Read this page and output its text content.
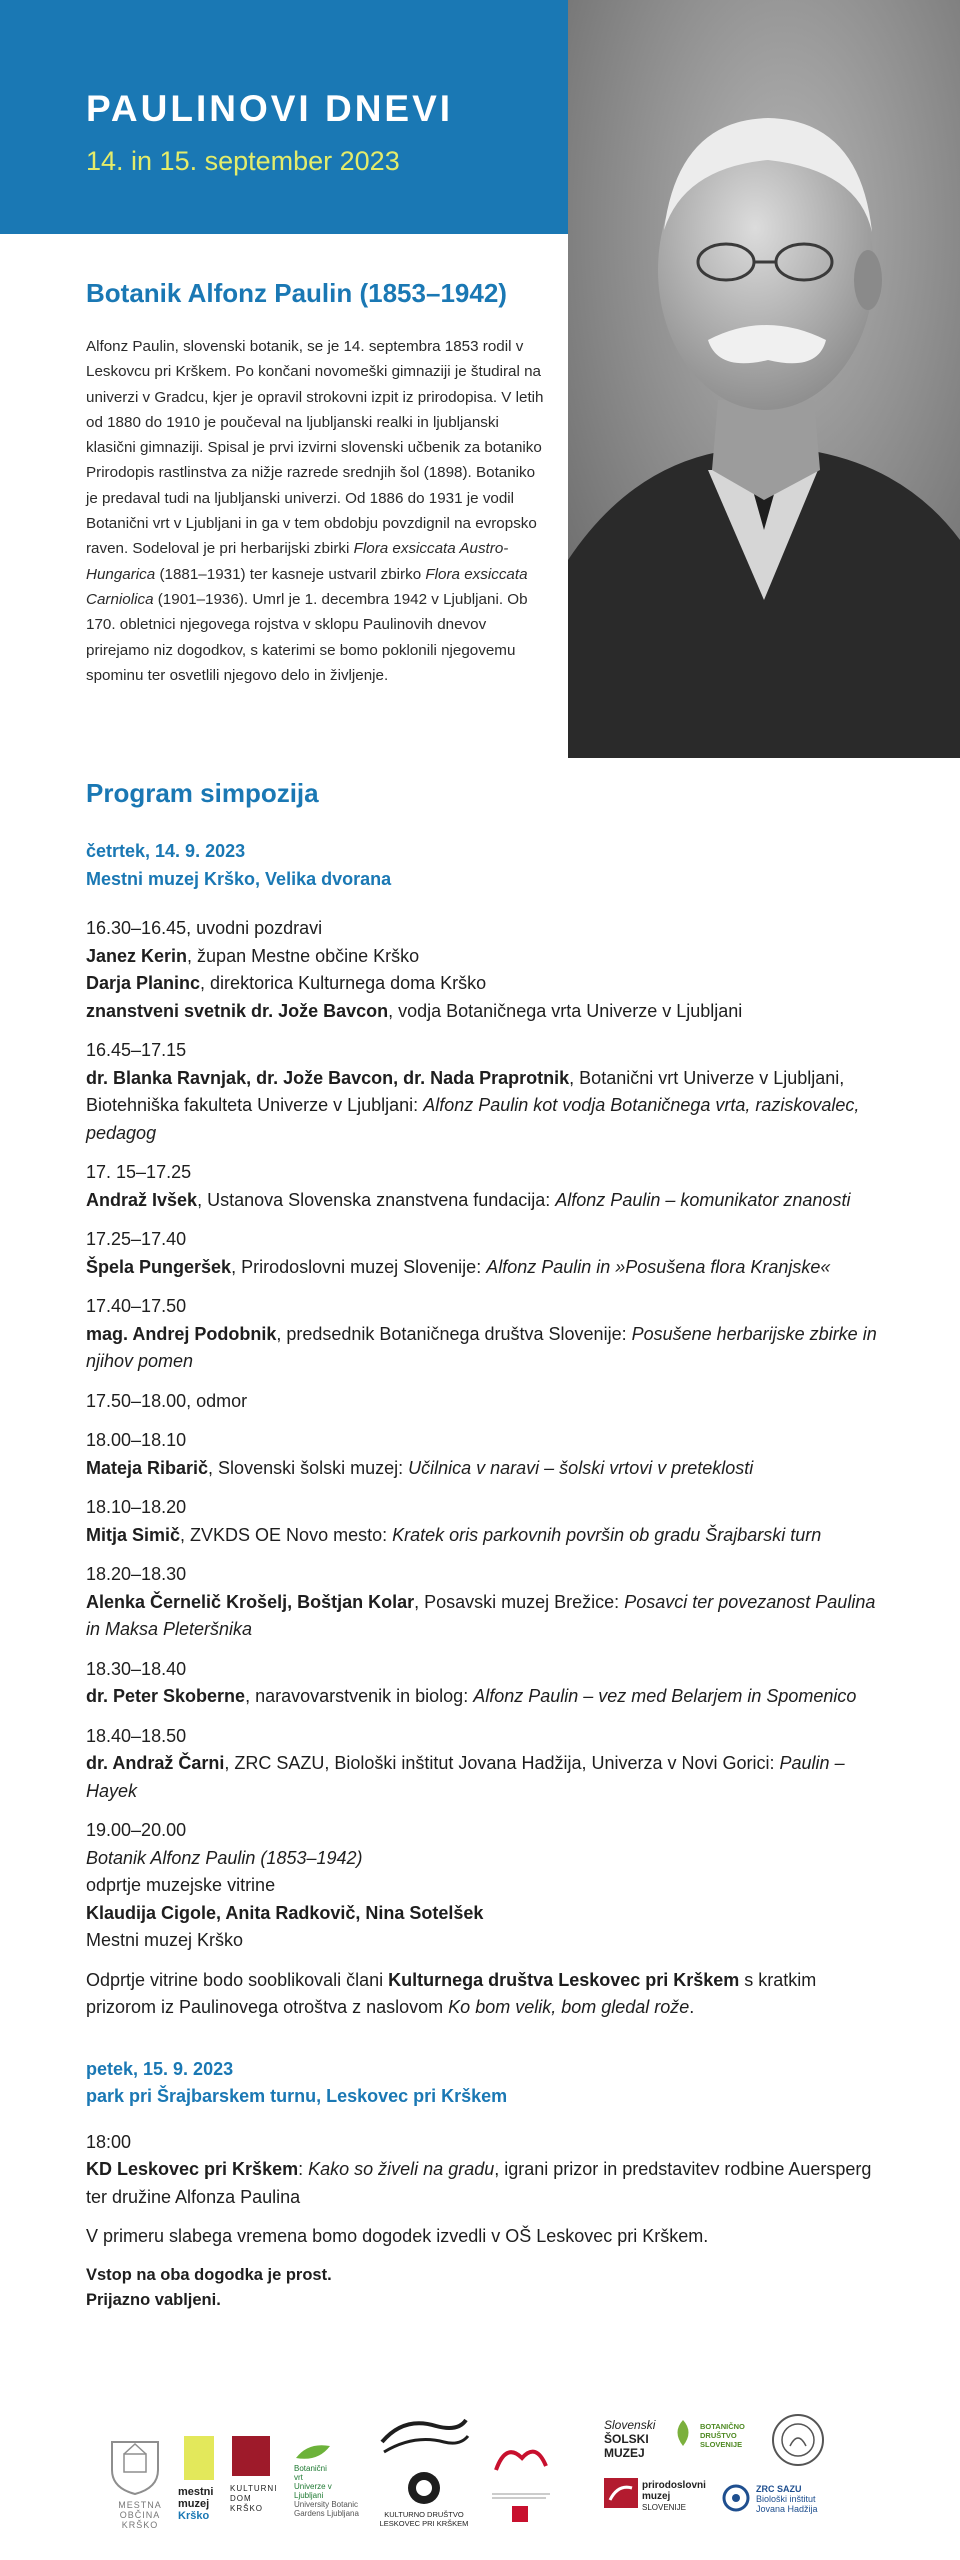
PAULINOVI DNEVI

14. in 15. september 2023

Botanik Alfonz Paulin (1853–1942)

Alfonz Paulin, slovenski botanik, se je 14. septembra 1853 rodil v Leskovcu pri Krškem. Po končani novomeški gimnaziji je študiral na univerzi v Gradcu, kjer je opravil strokovni izpit iz prirodopisa. V letih od 1880 do 1910 je poučeval na ljubljanski realki in ljubljanski klasični gimnaziji. Spisal je prvi izvirni slovenski učbenik za botaniko Prirodopis rastlinstva za nižje razrede srednjih šol (1898). Botaniko je predaval tudi na ljubljanski univerzi. Od 1886 do 1931 je vodil Botanični vrt v Ljubljani in ga v tem obdobju povzdignil na evropsko raven. Sodeloval je pri herbarijski zbirki Flora exsiccata Austro-Hungarica (1881–1931) ter kasneje ustvaril zbirko Flora exsiccata Carniolica (1901–1936). Umrl je 1. decembra 1942 v Ljubljani. Ob 170. obletnici njegovega rojstva v sklopu Paulinovih dnevov prirejamo niz dogodkov, s katerimi se bomo poklonili njegovemu spominu ter osvetlili njegovo delo in življenje.

Program simpozija

četrtek, 14. 9. 2023

Mestni muzej Krško, Velika dvorana

16.30–16.45, uvodni pozdravi

Janez Kerin, župan Mestne občine Krško

Darja Planinc, direktorica Kulturnega doma Krško

znanstveni svetnik dr. Jože Bavcon, vodja Botaničnega vrta Univerze v Ljubljani

16.45–17.15

dr. Blanka Ravnjak, dr. Jože Bavcon, dr. Nada Praprotnik, Botanični vrt Univerze v Ljubljani, Biotehniška fakulteta Univerze v Ljubljani: Alfonz Paulin kot vodja Botaničnega vrta, raziskovalec, pedagog

17. 15–17.25

Andraž Ivšek, Ustanova Slovenska znanstvena fundacija: Alfonz Paulin – komunikator znanosti

17.25–17.40

Špela Pungeršek, Prirodoslovni muzej Slovenije: Alfonz Paulin in »Posušena flora Kranjske«

17.40–17.50

mag. Andrej Podobnik, predsednik Botaničnega društva Slovenije: Posušene herbarijske zbirke in njihov pomen

17.50–18.00, odmor

18.00–18.10

Mateja Ribarič, Slovenski šolski muzej: Učilnica v naravi – šolski vrtovi v preteklosti

18.10–18.20

Mitja Simič, ZVKDS OE Novo mesto: Kratek oris parkovnih površin ob gradu Šrajbarski turn

18.20–18.30

Alenka Černelič Krošelj, Boštjan Kolar, Posavski muzej Brežice: Posavci ter povezanost Paulina in Maksa Pleteršnika

18.30–18.40

dr. Peter Skoberne, naravovarstvenik in biolog: Alfonz Paulin – vez med Belarjem in Spomenico

18.40–18.50

dr. Andraž Čarni, ZRC SAZU, Biološki inštitut Jovana Hadžija, Univerza v Novi Gorici: Paulin – Hayek

19.00–20.00

Botanik Alfonz Paulin (1853–1942)

odprtje muzejske vitrine

Klaudija Cigole, Anita Radkovič, Nina Sotelšek

Mestni muzej Krško

Odprtje vitrine bodo sooblikovali člani Kulturnega društva Leskovec pri Krškem s kratkim prizorom iz Paulinovega otroštva z naslovom Ko bom velik, bom gledal rože.

petek, 15. 9. 2023

park pri Šrajbarskem turnu, Leskovec pri Krškem

18:00

KD Leskovec pri Krškem: Kako so živeli na gradu, igrani prizor in predstavitev rodbine Auersperg ter družine Alfonza Paulina

V primeru slabega vremena bomo dogodek izvedli v OŠ Leskovec pri Krškem.

Vstop na oba dogodka je prost.

Prijazno vabljeni.

MESTNA
OBČINA KRŠKO
mestni
muzej
Krško
KULTURNI
DOM
KRŠKO
Botanični
vrt
Univerze v
Ljubljani
University Botanic Gardens Ljubljana	KULTURNO DRUŠTVO
LESKOVEC PRI KRŠKEM
Slovenski
ŠOLSKI
MUZEJ
BOTANIČNO
DRUŠTVO
SLOVENIJE
prirodoslovni
muzej
SLOVENIJE
ZRC SAZU
Biološki inštitut
Jovana Hadžija
